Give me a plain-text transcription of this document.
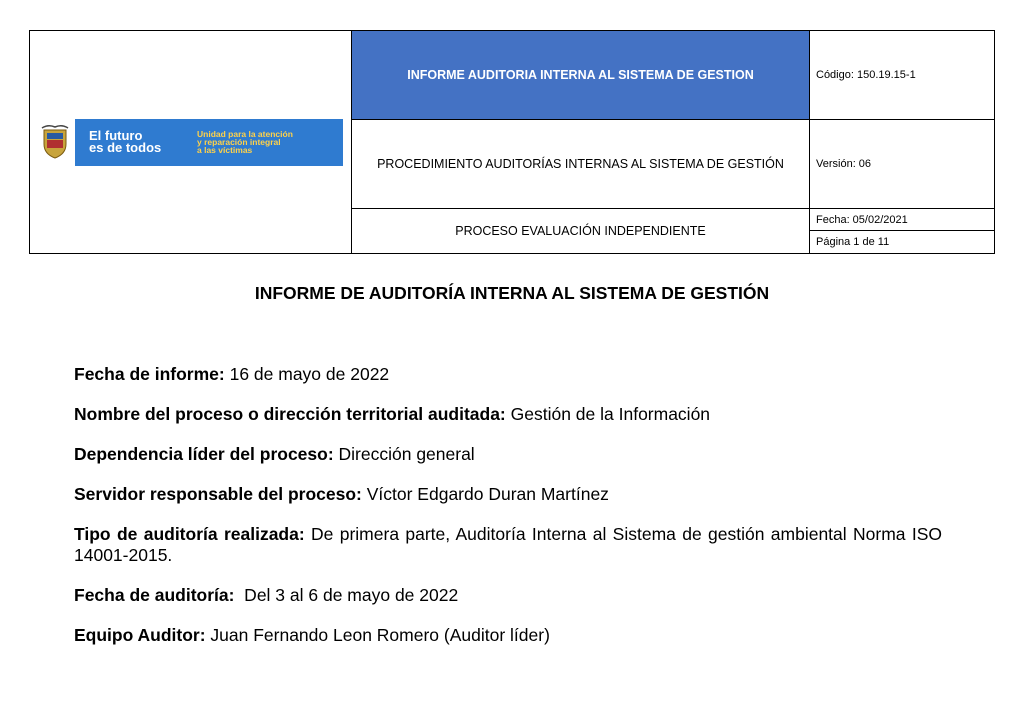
El futuro
es de todos
Unidad para la atención
y reparación integral
a las víctimas	INFORME AUDITORIA INTERNA AL SISTEMA DE GESTION	Código: 150.19.15-1
	PROCEDIMIENTO AUDITORÍAS INTERNAS AL SISTEMA DE GESTIÓN	Versión: 06
	PROCESO EVALUACIÓN INDEPENDIENTE	Fecha: 05/02/2021
		Página 1 de 11
INFORME DE AUDITORÍA INTERNA AL SISTEMA DE GESTIÓN
Fecha de informe: 16 de mayo de 2022
Nombre del proceso o dirección territorial auditada: Gestión de la Información
Dependencia líder del proceso: Dirección general
Servidor responsable del proceso: Víctor Edgardo Duran Martínez
Tipo de auditoría realizada: De primera parte, Auditoría Interna al Sistema de gestión ambiental Norma ISO 14001-2015.
Fecha de auditoría:  Del 3 al 6 de mayo de 2022
Equipo Auditor: Juan Fernando Leon Romero (Auditor líder)
